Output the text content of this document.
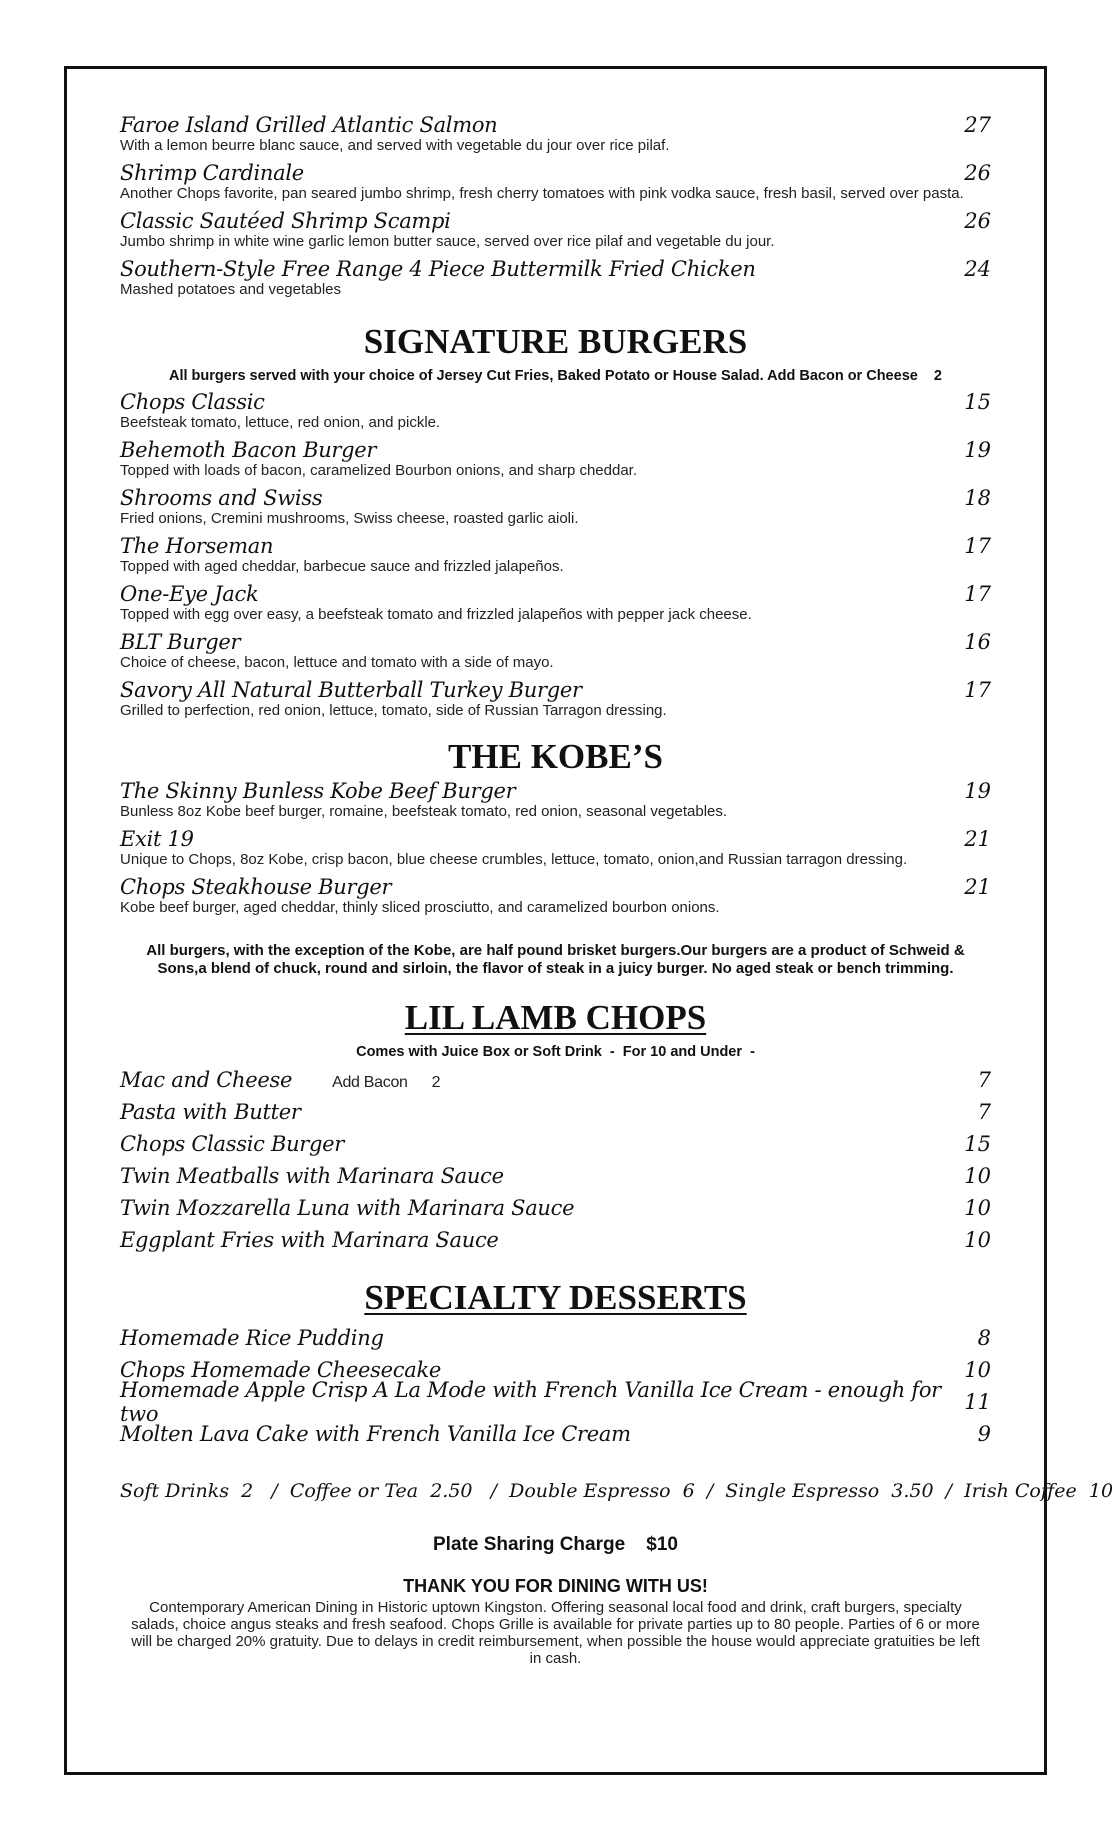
Faroe Island Grilled Atlantic Salmon	27
With a lemon beurre blanc sauce, and served with vegetable du jour over rice pilaf.
Shrimp Cardinale	26
Another Chops favorite, pan seared jumbo shrimp, fresh cherry tomatoes with pink vodka sauce, fresh basil, served over pasta.
Classic Sautéed Shrimp Scampi	26
Jumbo shrimp in white wine garlic lemon butter sauce, served over rice pilaf and vegetable du jour.
Southern-Style Free Range 4 Piece Buttermilk Fried Chicken	24
Mashed potatoes and vegetables
SIGNATURE BURGERS
All burgers served with your choice of Jersey Cut Fries, Baked Potato or House Salad. Add Bacon or Cheese    2
Chops Classic	15
Beefsteak tomato, lettuce, red onion, and pickle.
Behemoth Bacon Burger	19
Topped with loads of bacon, caramelized Bourbon onions, and sharp cheddar.
Shrooms and Swiss	18
Fried onions, Cremini mushrooms, Swiss cheese, roasted garlic aioli.
The Horseman	17
Topped with aged cheddar, barbecue sauce and frizzled jalapeños.
One-Eye Jack	17
Topped with egg over easy, a beefsteak tomato and frizzled jalapeños with pepper jack cheese.
BLT Burger	16
Choice of cheese, bacon, lettuce and tomato with a side of mayo.
Savory All Natural Butterball Turkey Burger	17
Grilled to perfection, red onion, lettuce, tomato, side of Russian Tarragon dressing.
THE KOBE’S
The Skinny Bunless Kobe Beef Burger	19
Bunless 8oz Kobe beef burger, romaine, beefsteak tomato, red onion, seasonal vegetables.
Exit 19	21
Unique to Chops, 8oz Kobe, crisp bacon, blue cheese crumbles, lettuce, tomato, onion,and Russian tarragon dressing.
Chops Steakhouse Burger	21
Kobe beef burger, aged cheddar, thinly sliced prosciutto, and caramelized bourbon onions.
All burgers, with the exception of the Kobe, are half pound brisket burgers.Our burgers are a product of Schweid & Sons,a blend of chuck, round and sirloin, the flavor of steak in a juicy burger. No aged steak or bench trimming.
LIL LAMB CHOPS
Comes with Juice Box or Soft Drink  -  For 10 and Under  -
Mac and Cheese	Add Bacon 2	7
Pasta with Butter	7
Chops Classic Burger	15
Twin Meatballs with Marinara Sauce	10
Twin Mozzarella Luna with Marinara Sauce	10
Eggplant Fries with Marinara Sauce	10
SPECIALTY DESSERTS
Homemade Rice Pudding	8
Chops Homemade Cheesecake	10
Homemade Apple Crisp A La Mode with French Vanilla Ice Cream - enough for two	11
Molten Lava Cake with French Vanilla Ice Cream	9
Soft Drinks  2   /  Coffee or Tea  2.50   /  Double Espresso  6  /  Single Espresso  3.50  /  Irish Coffee  10
Plate Sharing Charge    $10
THANK YOU FOR DINING WITH US!
Contemporary American Dining in Historic uptown Kingston. Offering seasonal local food and drink, craft burgers, specialty salads, choice angus steaks and fresh seafood. Chops Grille is available for private parties up to 80 people. Parties of 6 or more will be charged 20% gratuity. Due to delays in credit reimbursement, when possible the house would appreciate gratuities be left in cash.
